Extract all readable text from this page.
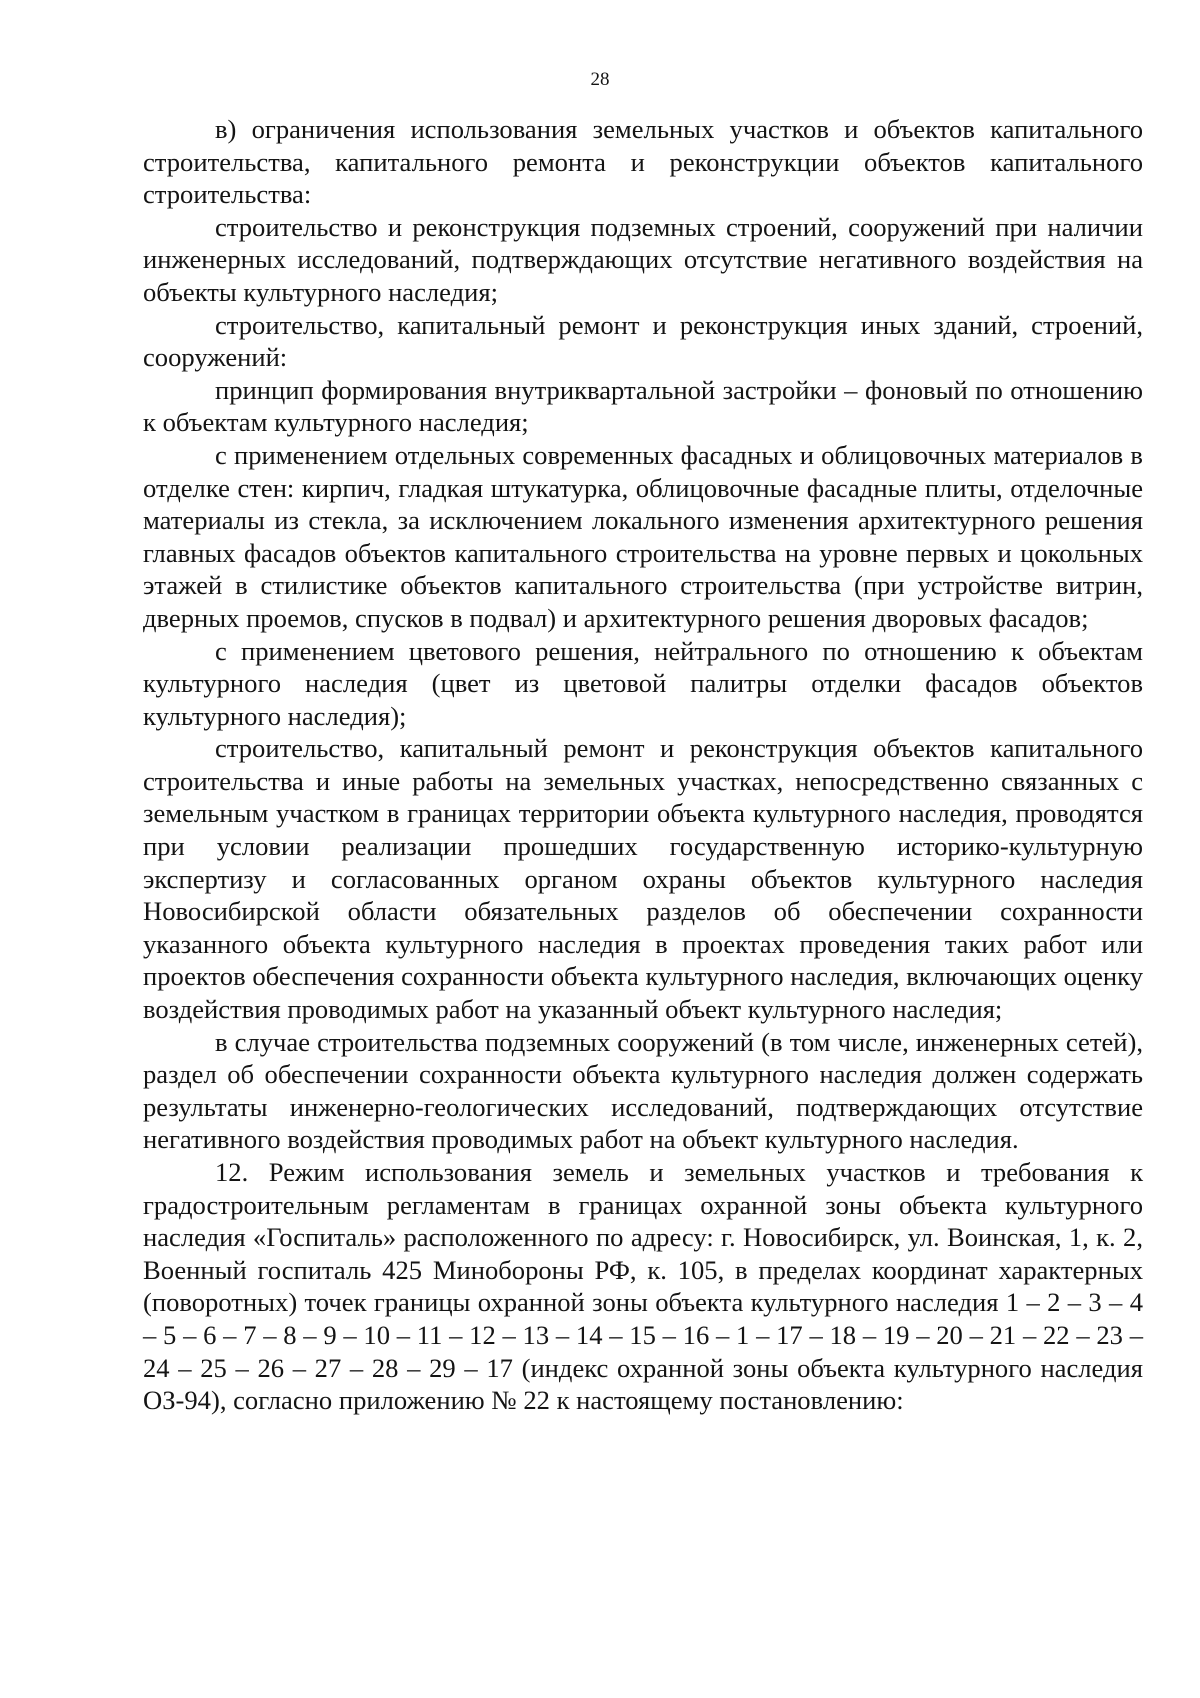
28

в) ограничения использования земельных участков и объектов капитального строительства, капитального ремонта и реконструкции объектов капитального строительства:

строительство и реконструкция подземных строений, сооружений при наличии инженерных исследований, подтверждающих отсутствие негативного воздействия на объекты культурного наследия;

строительство, капитальный ремонт и реконструкция иных зданий, строений, сооружений:

принцип формирования внутриквартальной застройки – фоновый по отношению к объектам культурного наследия;

с применением отдельных современных фасадных и облицовочных материалов в отделке стен: кирпич, гладкая штукатурка, облицовочные фасадные плиты, отделочные материалы из стекла, за исключением локального изменения архитектурного решения главных фасадов объектов капитального строительства на уровне первых и цокольных этажей в стилистике объектов капитального строительства (при устройстве витрин, дверных проемов, спусков в подвал) и архитектурного решения дворовых фасадов;

с применением цветового решения, нейтрального по отношению к объектам культурного наследия (цвет из цветовой палитры отделки фасадов объектов культурного наследия);

строительство, капитальный ремонт и реконструкция объектов капитального строительства и иные работы на земельных участках, непосредственно связанных с земельным участком в границах территории объекта культурного наследия, проводятся при условии реализации прошедших государственную историко-культурную экспертизу и согласованных органом охраны объектов культурного наследия Новосибирской области обязательных разделов об обеспечении сохранности указанного объекта культурного наследия в проектах проведения таких работ или проектов обеспечения сохранности объекта культурного наследия, включающих оценку воздействия проводимых работ на указанный объект культурного наследия;

в случае строительства подземных сооружений (в том числе, инженерных сетей), раздел об обеспечении сохранности объекта культурного наследия должен содержать результаты инженерно-геологических исследований, подтверждающих отсутствие негативного воздействия проводимых работ на объект культурного наследия.

12. Режим использования земель и земельных участков и требования к градостроительным регламентам в границах охранной зоны объекта культурного наследия «Госпиталь» расположенного по адресу: г. Новосибирск, ул. Воинская, 1, к. 2, Военный госпиталь 425 Минобороны РФ, к. 105, в пределах координат характерных (поворотных) точек границы охранной зоны объекта культурного наследия 1 – 2 – 3 – 4 – 5 – 6 – 7 – 8 – 9 – 10 – 11 – 12 – 13 – 14 – 15 – 16 – 1 – 17 – 18 – 19 – 20 – 21 – 22 – 23 – 24 – 25 – 26 – 27 – 28 – 29 – 17 (индекс охранной зоны объекта культурного наследия ОЗ-94), согласно приложению № 22 к настоящему постановлению:
